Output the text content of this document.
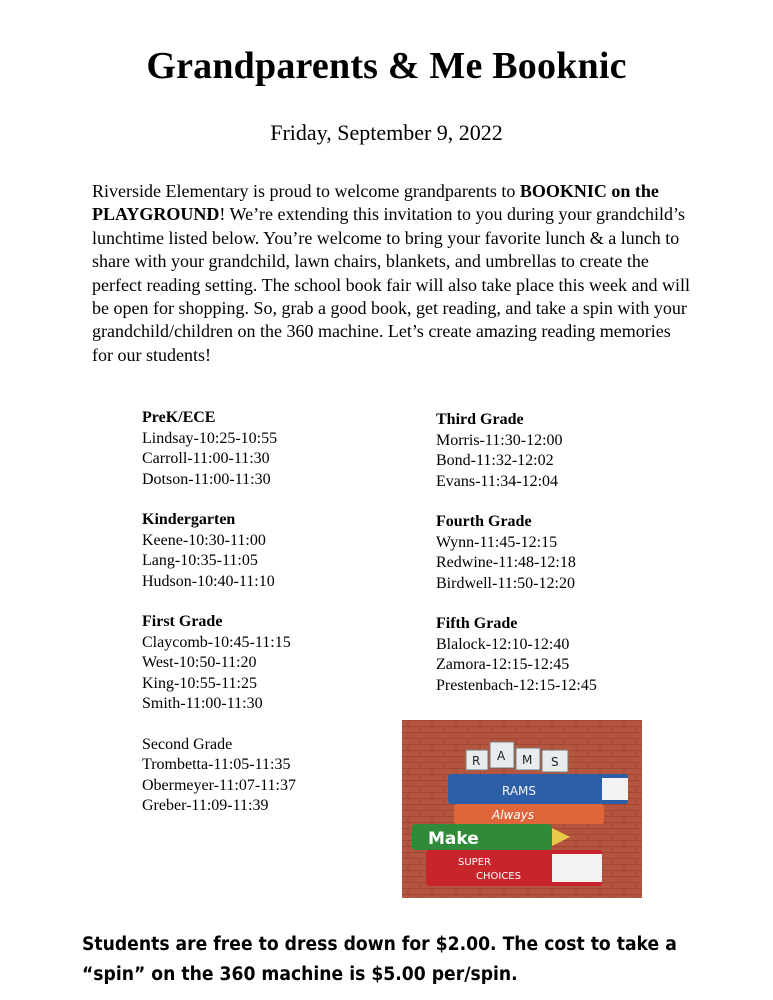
Grandparents & Me Booknic
Friday, September 9, 2022

Riverside Elementary is proud to welcome grandparents to BOOKNIC on the PLAYGROUND! We’re extending this invitation to you during your grandchild’s lunchtime listed below. You’re welcome to bring your favorite lunch & a lunch to share with your grandchild, lawn chairs, blankets, and umbrellas to create the perfect reading setting. The school book fair will also take place this week and will be open for shopping. So, grab a good book, get reading, and take a spin with your grandchild/children on the 360 machine. Let’s create amazing reading memories for our students!

PreK/ECE
Lindsay-10:25-10:55
Carroll-11:00-11:30
Dotson-11:00-11:30
Kindergarten
Keene-10:30-11:00
Lang-10:35-11:05
Hudson-10:40-11:10
First Grade
Claycomb-10:45-11:15
West-10:50-11:20
King-10:55-11:25
Smith-11:00-11:30
Second Grade
Trombetta-11:05-11:35
Obermeyer-11:07-11:37
Greber-11:09-11:39
Third Grade
Morris-11:30-12:00
Bond-11:32-12:02
Evans-11:34-12:04
Fourth Grade
Wynn-11:45-12:15
Redwine-11:48-12:18
Birdwell-11:50-12:20
Fifth Grade
Blalock-12:10-12:40
Zamora-12:15-12:45
Prestenbach-12:15-12:45
R A M S
RAMS
Always
Make
SUPER
CHOICES
Students are free to dress down for $2.00. The cost to take a
“spin” on the 360 machine is $5.00 per/spin.
